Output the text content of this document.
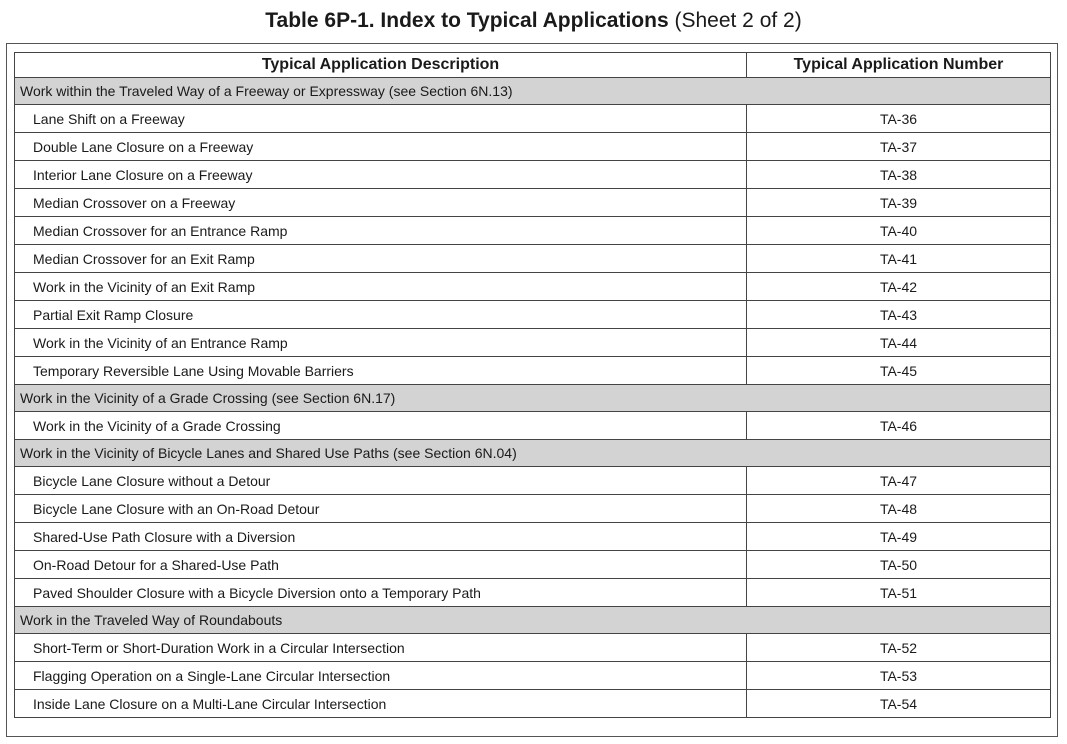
Table 6P-1. Index to Typical Applications (Sheet 2 of 2)
Typical Application Description	Typical Application Number
Work within the Traveled Way of a Freeway or Expressway (see Section 6N.13)	
Lane Shift on a Freeway	TA-36
Double Lane Closure on a Freeway	TA-37
Interior Lane Closure on a Freeway	TA-38
Median Crossover on a Freeway	TA-39
Median Crossover for an Entrance Ramp	TA-40
Median Crossover for an Exit Ramp	TA-41
Work in the Vicinity of an Exit Ramp	TA-42
Partial Exit Ramp Closure	TA-43
Work in the Vicinity of an Entrance Ramp	TA-44
Temporary Reversible Lane Using Movable Barriers	TA-45
Work in the Vicinity of a Grade Crossing (see Section 6N.17)	
Work in the Vicinity of a Grade Crossing	TA-46
Work in the Vicinity of Bicycle Lanes and Shared Use Paths (see Section 6N.04)	
Bicycle Lane Closure without a Detour	TA-47
Bicycle Lane Closure with an On-Road Detour	TA-48
Shared-Use Path Closure with a Diversion	TA-49
On-Road Detour for a Shared-Use Path	TA-50
Paved Shoulder Closure with a Bicycle Diversion onto a Temporary Path	TA-51
Work in the Traveled Way of Roundabouts	
Short-Term or Short-Duration Work in a Circular Intersection	TA-52
Flagging Operation on a Single-Lane Circular Intersection	TA-53
Inside Lane Closure on a Multi-Lane Circular Intersection	TA-54
